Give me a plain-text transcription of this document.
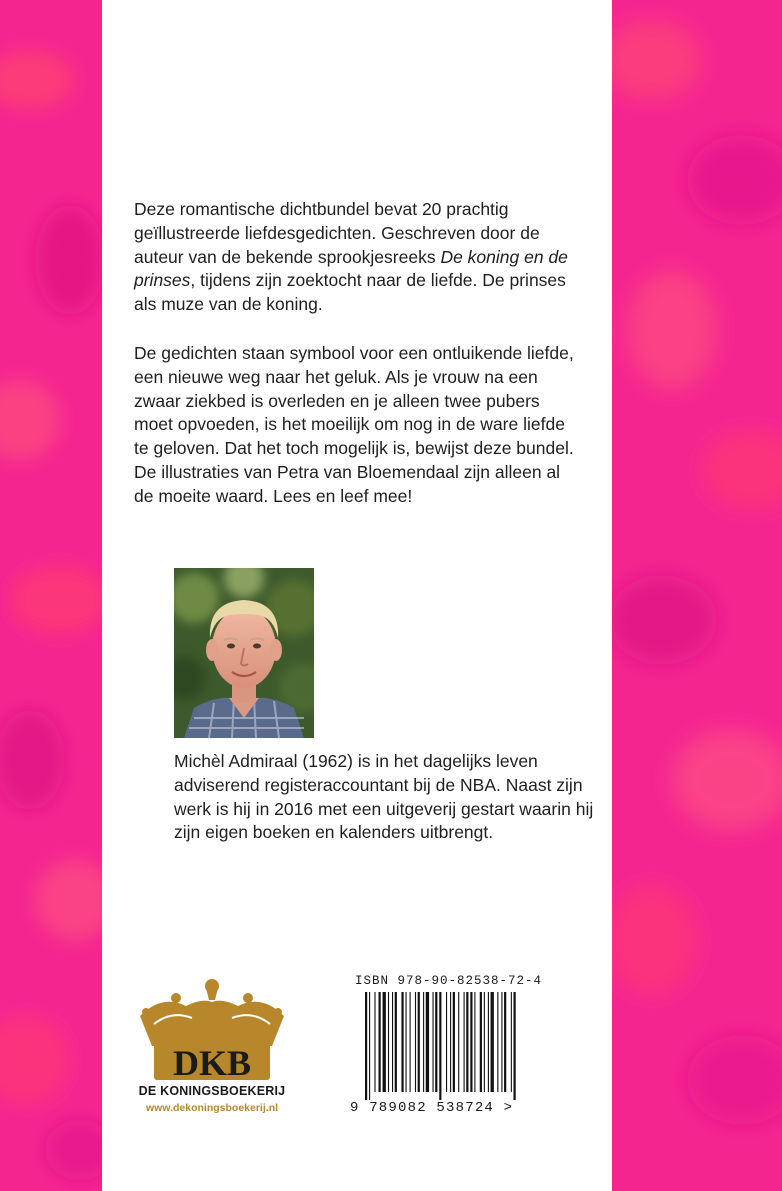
Deze romantische dichtbundel bevat 20 prachtig geïllustreerde liefdesgedichten. Geschreven door de auteur van de bekende sprookjesreeks De koning en de prinses, tijdens zijn zoektocht naar de liefde. De prinses als muze van de koning.

De gedichten staan symbool voor een ontluikende liefde, een nieuwe weg naar het geluk. Als je vrouw na een zwaar ziekbed is overleden en je alleen twee pubers moet opvoeden, is het moeilijk om nog in de ware liefde te geloven. Dat het toch mogelijk is, bewijst deze bundel. De illustraties van Petra van Bloemendaal zijn alleen al de moeite waard. Lees en leef mee!

Michèl Admiraal (1962) is in het dagelijks leven adviserend registeraccountant bij de NBA. Naast zijn werk is hij in 2016 met een uitgeverij gestart waarin hij zijn eigen boeken en kalenders uitbrengt.
DKB
DE KONINGSBOEKERIJ
www.dekoningsboekerij.nl
ISBN 978-90-82538-72-4
9 789082 538724 >
